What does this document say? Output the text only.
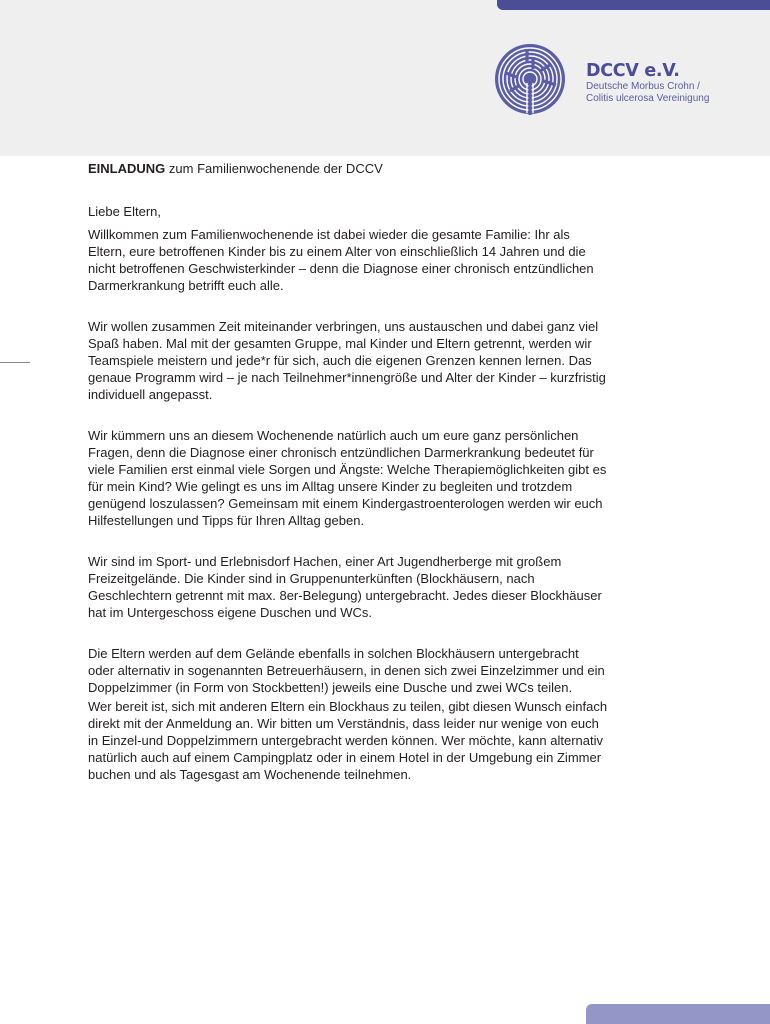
DCCV e.V.
Deutsche Morbus Crohn /
Colitis ulcerosa Vereinigung

EINLADUNG zum Familienwochenende der DCCV

Liebe Eltern,

Willkommen zum Familienwochenende ist dabei wieder die gesamte Familie: Ihr als Eltern, eure betroffenen Kinder bis zu einem Alter von einschließlich 14 Jahren und die nicht betroffenen Geschwisterkinder – denn die Diagnose einer chronisch entzündlichen Darmerkrankung betrifft euch alle.

Wir wollen zusammen Zeit miteinander verbringen, uns austauschen und dabei ganz viel Spaß haben. Mal mit der gesamten Gruppe, mal Kinder und Eltern getrennt, werden wir Teamspiele meistern und jede*r für sich, auch die eigenen Grenzen kennen lernen. Das genaue Programm wird – je nach Teilnehmer*innengröße und Alter der Kinder – kurzfristig individuell angepasst.

Wir kümmern uns an diesem Wochenende natürlich auch um eure ganz persönlichen Fragen, denn die Diagnose einer chronisch entzündlichen Darmerkrankung bedeutet für viele Familien erst einmal viele Sorgen und Ängste: Welche Therapiemöglichkeiten gibt es für mein Kind? Wie gelingt es uns im Alltag unsere Kinder zu begleiten und trotzdem genügend loszulassen? Gemeinsam mit einem Kindergastroenterologen werden wir euch Hilfestellungen und Tipps für Ihren Alltag geben.

Wir sind im Sport- und Erlebnisdorf Hachen, einer Art Jugendherberge mit großem Freizeitgelände. Die Kinder sind in Gruppenunterkünften (Blockhäusern, nach Geschlechtern getrennt mit max. 8er-Belegung) untergebracht. Jedes dieser Blockhäuser hat im Untergeschoss eigene Duschen und WCs.

Die Eltern werden auf dem Gelände ebenfalls in solchen Blockhäusern untergebracht oder alternativ in sogenannten Betreuerhäusern, in denen sich zwei Einzelzimmer und ein Doppelzimmer (in Form von Stockbetten!) jeweils eine Dusche und zwei WCs teilen.

Wer bereit ist, sich mit anderen Eltern ein Blockhaus zu teilen, gibt diesen Wunsch einfach direkt mit der Anmeldung an. Wir bitten um Verständnis, dass leider nur wenige von euch in Einzel-und Doppelzimmern untergebracht werden können. Wer möchte, kann alternativ natürlich auch auf einem Campingplatz oder in einem Hotel in der Umgebung ein Zimmer buchen und als Tagesgast am Wochenende teilnehmen.
